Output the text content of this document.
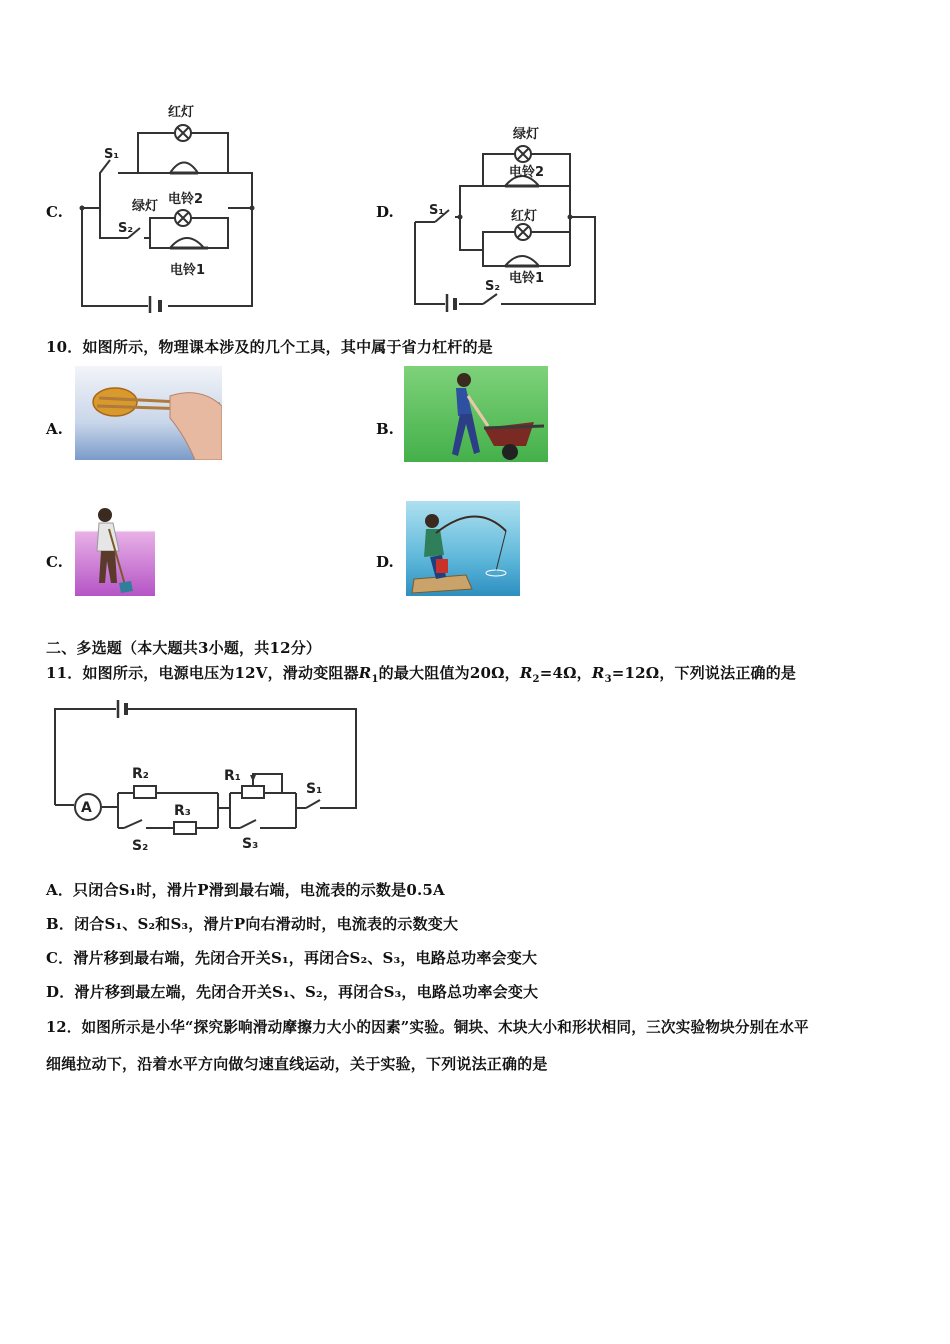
C.
红灯
电铃2
绿灯
电铃1
S₁
S₂
D.
绿灯
电铃2
红灯
电铃1
S₁
S₂
10．如图所示，物理课本涉及的几个工具，其中属于省力杠杆的是
A.	B.
C.	D.
二、多选题（本大题共3小题，共12分）
11．如图所示，电源电压为12V，滑动变阻器$R_1$的最大阻值为20Ω，$R_2=4\Omega$，$R_3=12\Omega$，下列说法正确的是
A
R₂
R₃
R₁
S₁
S₂	S₃
A．只闭合S₁时，滑片P滑到最右端，电流表的示数是0.5A
B．闭合S₁、S₂和S₃，滑片P向右滑动时，电流表的示数变大
C．滑片移到最右端，先闭合开关S₁，再闭合S₂、S₃，电路总功率会变大
D．滑片移到最左端，先闭合开关S₁、S₂，再闭合S₃，电路总功率会变大
12．如图所示是小华“探究影响滑动摩擦力大小的因素”实验。铜块、木块大小和形状相同，三次实验物块分别在水平
细绳拉动下，沿着水平方向做匀速直线运动，关于实验，下列说法正确的是
